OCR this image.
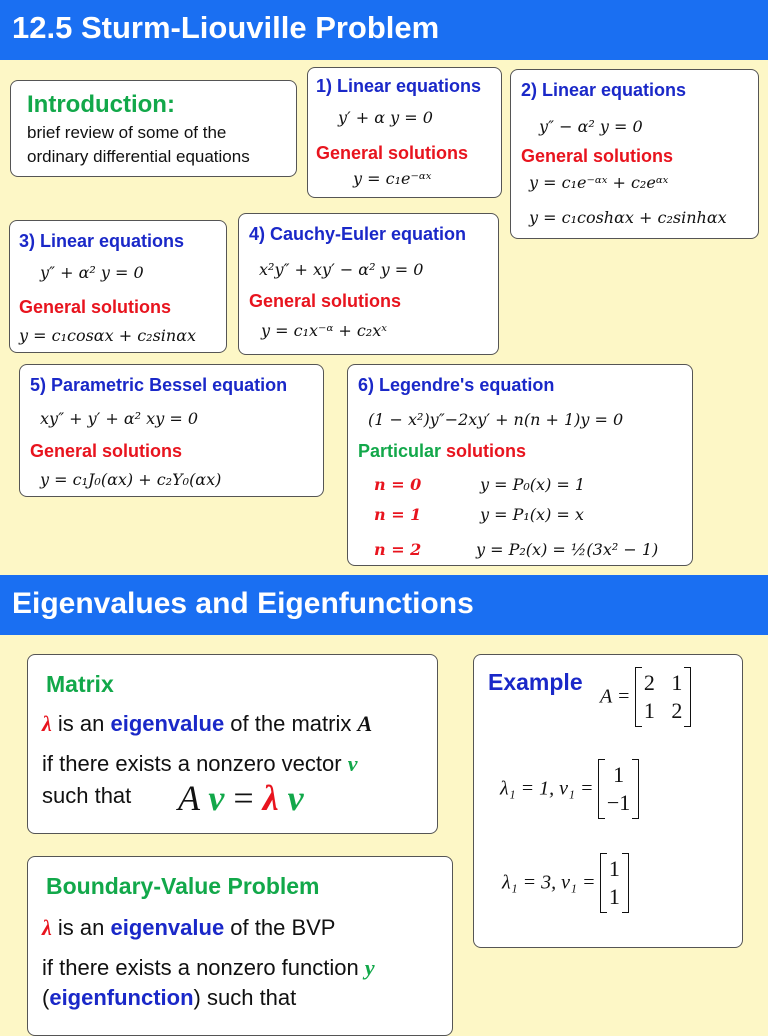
12.5 Sturm-Liouville Problem
Introduction:
brief review of some of the
ordinary differential equations
1) Linear equations
y′ + α y = 0
General solutions
y = c₁e⁻ᵅˣ
2) Linear equations
y″ − α² y = 0
General solutions
y = c₁e⁻ᵅˣ + c₂eᵅˣ
y = c₁coshαx + c₂sinhαx
3) Linear equations
y″ + α² y = 0
General solutions
y = c₁cosαx + c₂sinαx
4) Cauchy-Euler equation
x²y″ + xy′ − α² y = 0
General solutions
y = c₁x⁻ᵅ + c₂xˣ
5) Parametric Bessel equation
xy″ + y′ + α² xy = 0
General solutions
y = c₁J₀(αx) + c₂Y₀(αx)
6) Legendre's equation
(1 − x²)y″−2xy′ + n(n + 1)y = 0
Particular solutions
n = 0	y = P₀(x) = 1
n = 1	y = P₁(x) = x
n = 2	y = P₂(x) = ½(3x² − 1)
Eigenvalues and Eigenfunctions
Matrix
λ is an eigenvalue of the matrix A
if there exists a nonzero vector v
such that A v = λ v
Example
A = 2 1
1 2
λ₁ = 1, v₁ = 1
−1
λ₁ = 3, v₁ = 1
1
Boundary-Value Problem
λ is an eigenvalue of the BVP
if there exists a nonzero function y
(eigenfunction) such that
